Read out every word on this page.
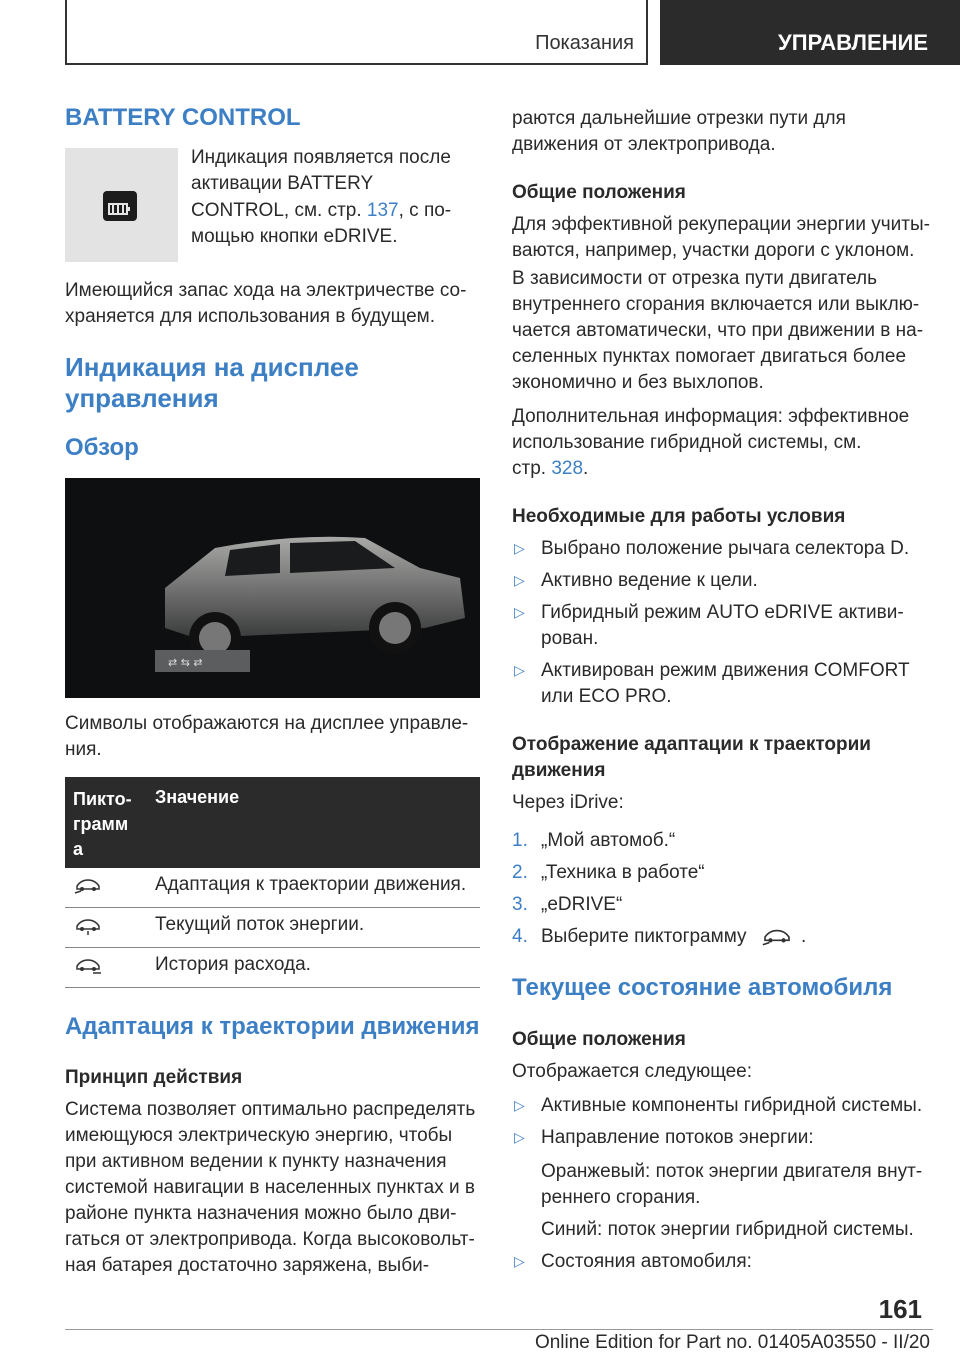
Показания	УПРАВЛЕНИЕ
BATTERY CONTROL
Индикация появляется после
активации BATTERY
CONTROL, см. стр. 137, с по-
мощью кнопки eDRIVE.
Имеющийся запас хода на электричестве со-
храняется для использования в будущем.
Индикация на дисплее
управления
Обзор
⇄ ⇆ ⇄
Символы отображаются на дисплее управле-
ния.
Пикто-
грамм
а
Значение
Адаптация к траектории движения.
Текущий поток энергии.
История расхода.
Адаптация к траектории движения
Принцип действия
Система позволяет оптимально распределять
имеющуюся электрическую энергию, чтобы
при активном ведении к пункту назначения
системой навигации в населенных пунктах и в
районе пункта назначения можно было дви-
гаться от электропривода. Когда высоковольт-
ная батарея достаточно заряжена, выби-
раются дальнейшие отрезки пути для
движения от электропривода.
Общие положения
Для эффективной рекуперации энергии учиты-
ваются, например, участки дороги с уклоном.
В зависимости от отрезка пути двигатель
внутреннего сгорания включается или выклю-
чается автоматически, что при движении в на-
селенных пунктах помогает двигаться более
экономично и без выхлопов.
Дополнительная информация: эффективное
использование гибридной системы, см.
стр. 328.
Необходимые для работы условия
▷ Выбрано положение рычага селектора D.
▷ Активно ведение к цели.
▷ Гибридный режим AUTO eDRIVE активи-
рован.
▷ Активирован режим движения COMFORT
или ECO PRO.
Отображение адаптации к траектории
движения
Через iDrive:
1. „Мой автомоб.“
2. „Техника в работе“
3. „eDRIVE“
4. Выберите пиктограмму	.
Текущее состояние автомобиля
Общие положения
Отображается следующее:
▷ Активные компоненты гибридной системы.
▷ Направление потоков энергии:
Оранжевый: поток энергии двигателя внут-
реннего сгорания.
Синий: поток энергии гибридной системы.
▷ Состояния автомобиля:
161
Online Edition for Part no. 01405A03550 - II/20
